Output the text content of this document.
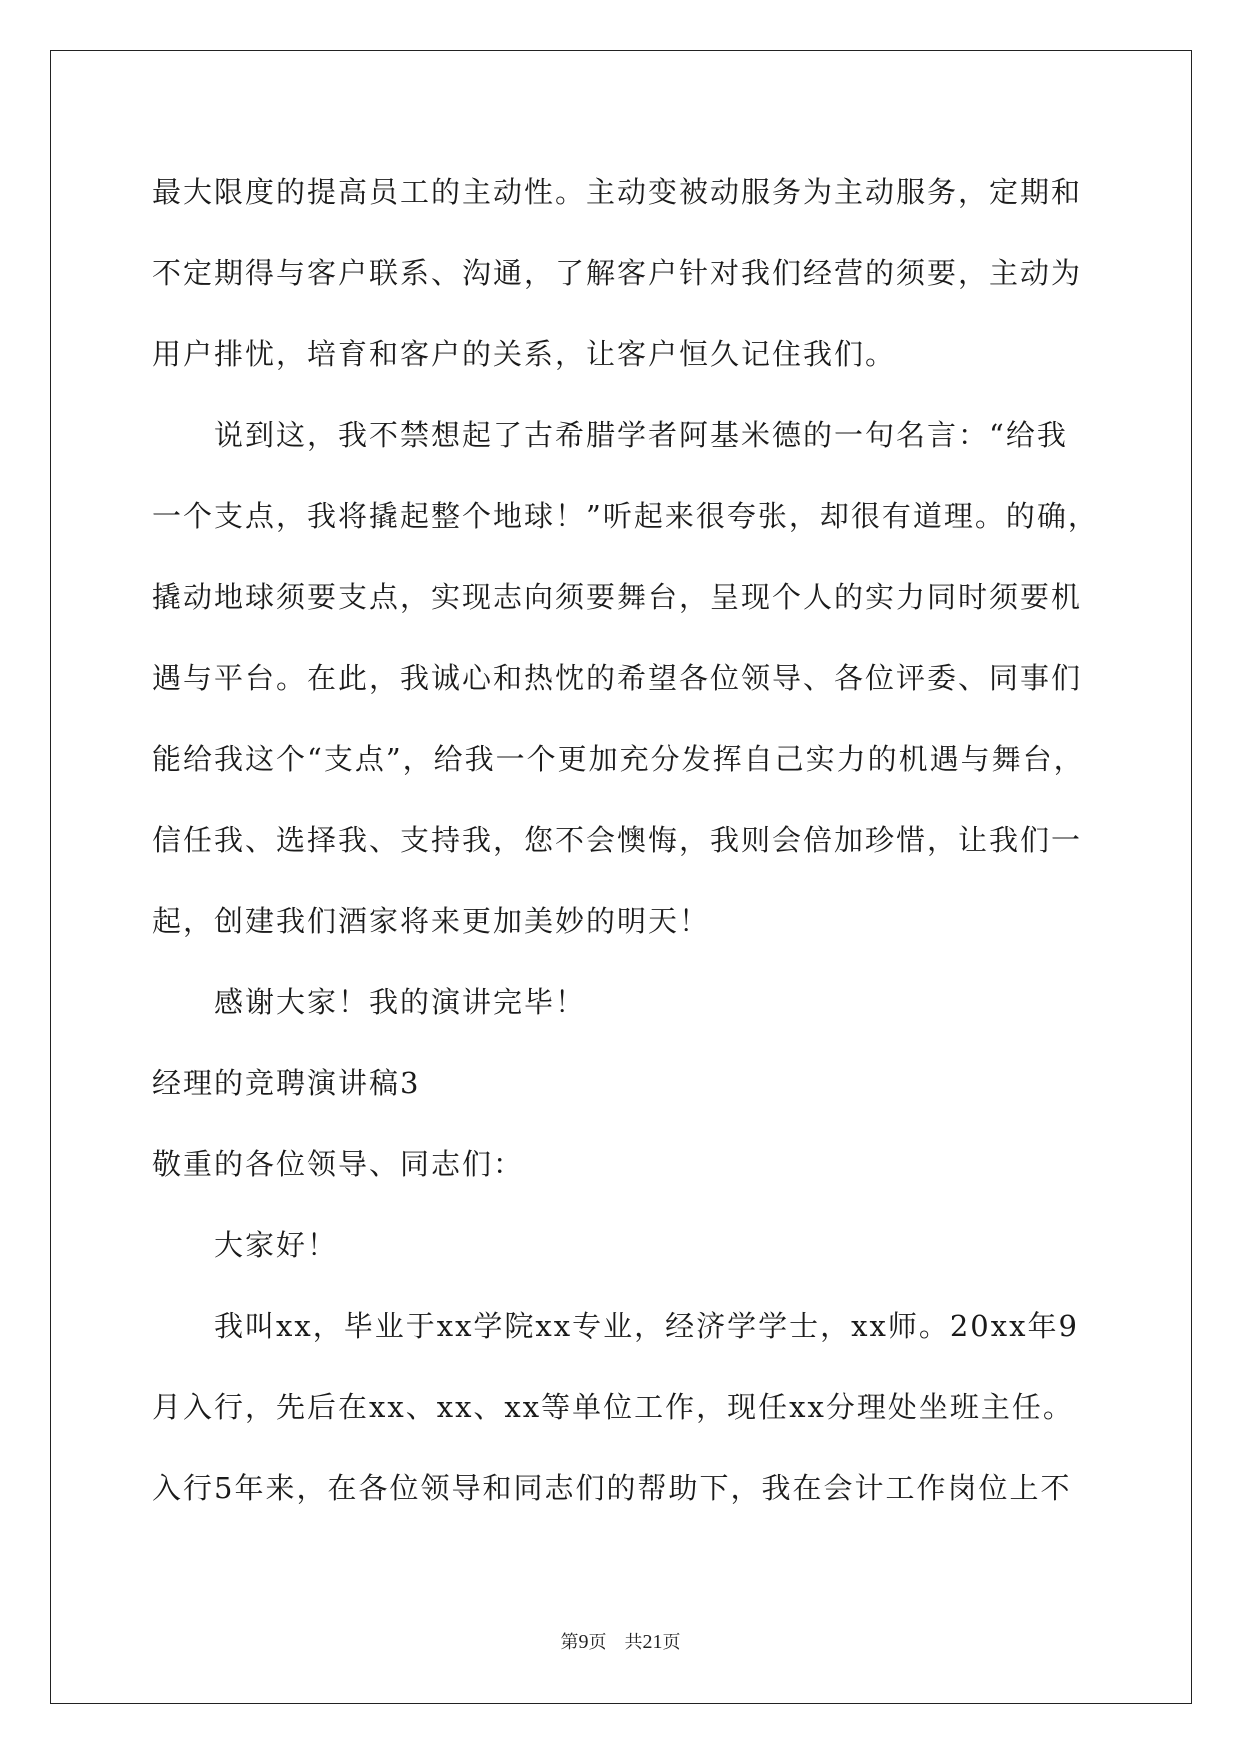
最大限度的提高员工的主动性。主动变被动服务为主动服务，定期和
不定期得与客户联系、沟通，了解客户针对我们经营的须要，主动为
用户排忧，培育和客户的关系，让客户恒久记住我们。
说到这，我不禁想起了古希腊学者阿基米德的一句名言：“给我
一个支点，我将撬起整个地球！”听起来很夸张，却很有道理。的确，
撬动地球须要支点，实现志向须要舞台，呈现个人的实力同时须要机
遇与平台。在此，我诚心和热忱的希望各位领导、各位评委、同事们
能给我这个“支点”，给我一个更加充分发挥自己实力的机遇与舞台，
信任我、选择我、支持我，您不会懊悔，我则会倍加珍惜，让我们一
起，创建我们酒家将来更加美妙的明天！
感谢大家！我的演讲完毕！
经理的竞聘演讲稿3
敬重的各位领导、同志们：
大家好！
我叫xx，毕业于xx学院xx专业，经济学学士，xx师。20xx年9
月入行，先后在xx、xx、xx等单位工作，现任xx分理处坐班主任。
入行5年来，在各位领导和同志们的帮助下，我在会计工作岗位上不
第9页 共21页
